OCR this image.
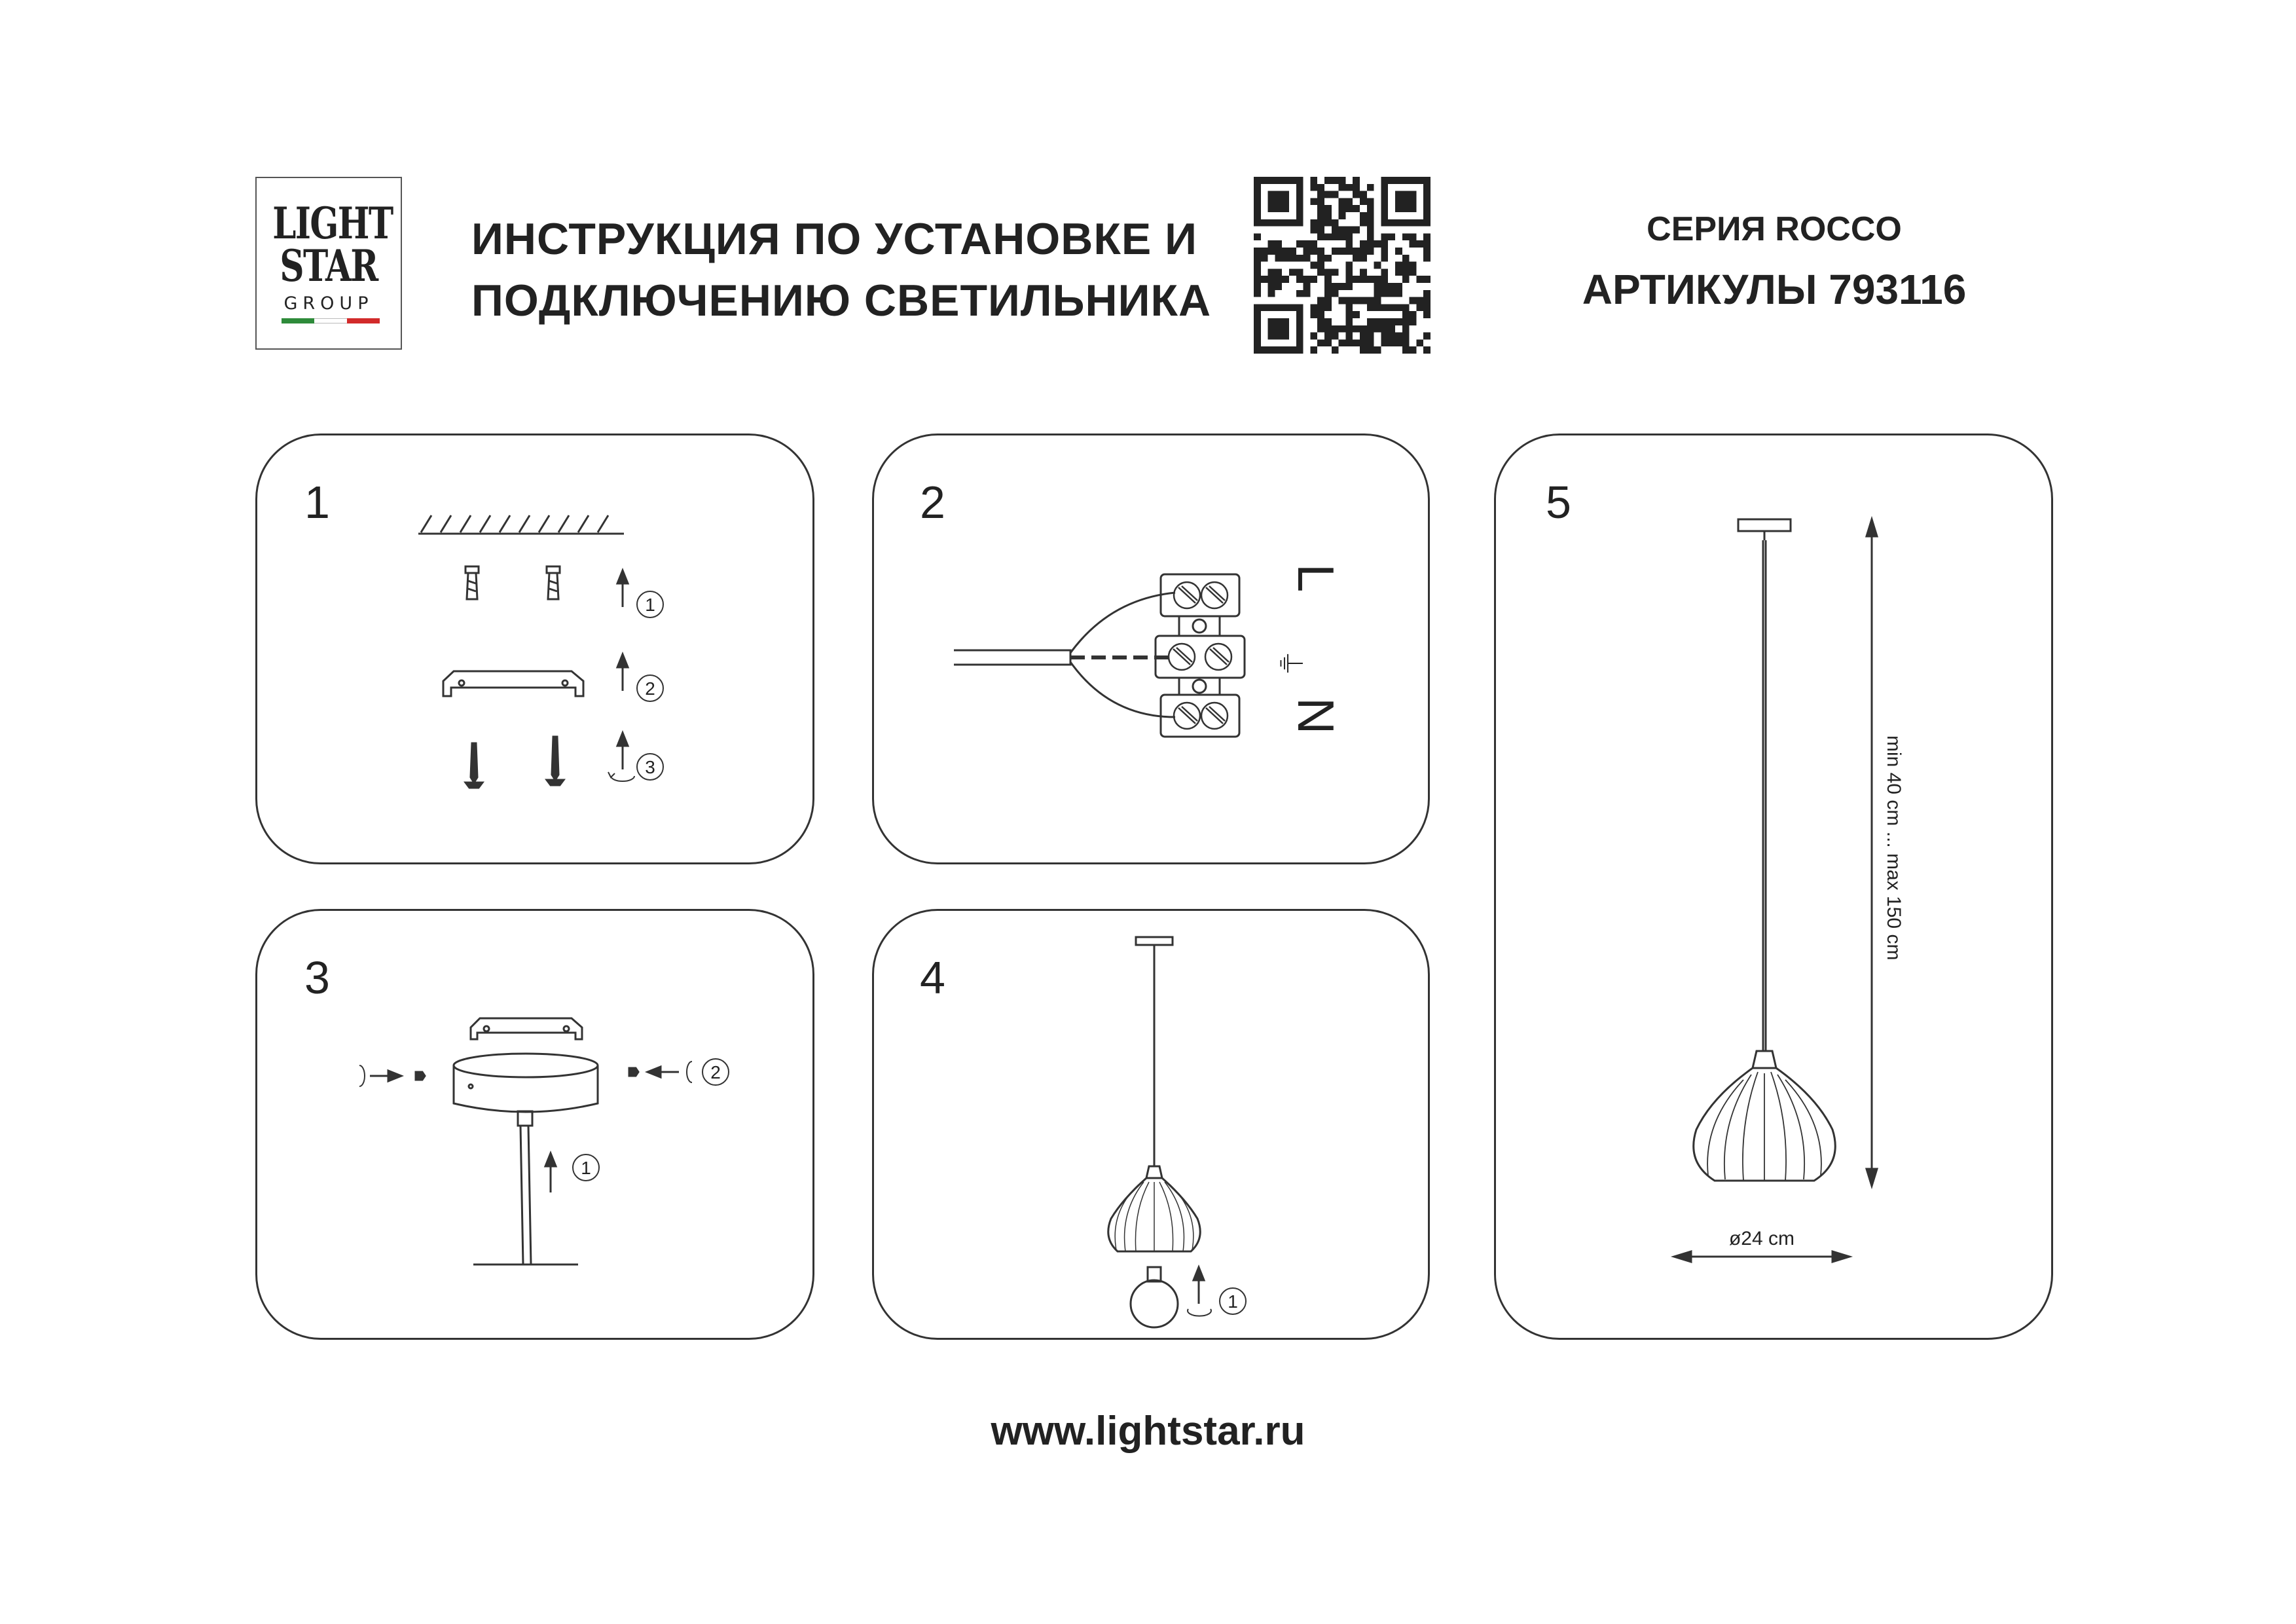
LIGHT
STAR
GROUP
ИНСТРУКЦИЯ ПО УСТАНОВКЕ И
ПОДКЛЮЧЕНИЮ СВЕТИЛЬНИКА
СЕРИЯ ROCCO
АРТИКУЛЫ 793116
1
1
2
3
2
L
⏚
N
3
1
2
4
1
5
min 40 cm ... max 150 cm
ø24 cm
www.lightstar.ru
